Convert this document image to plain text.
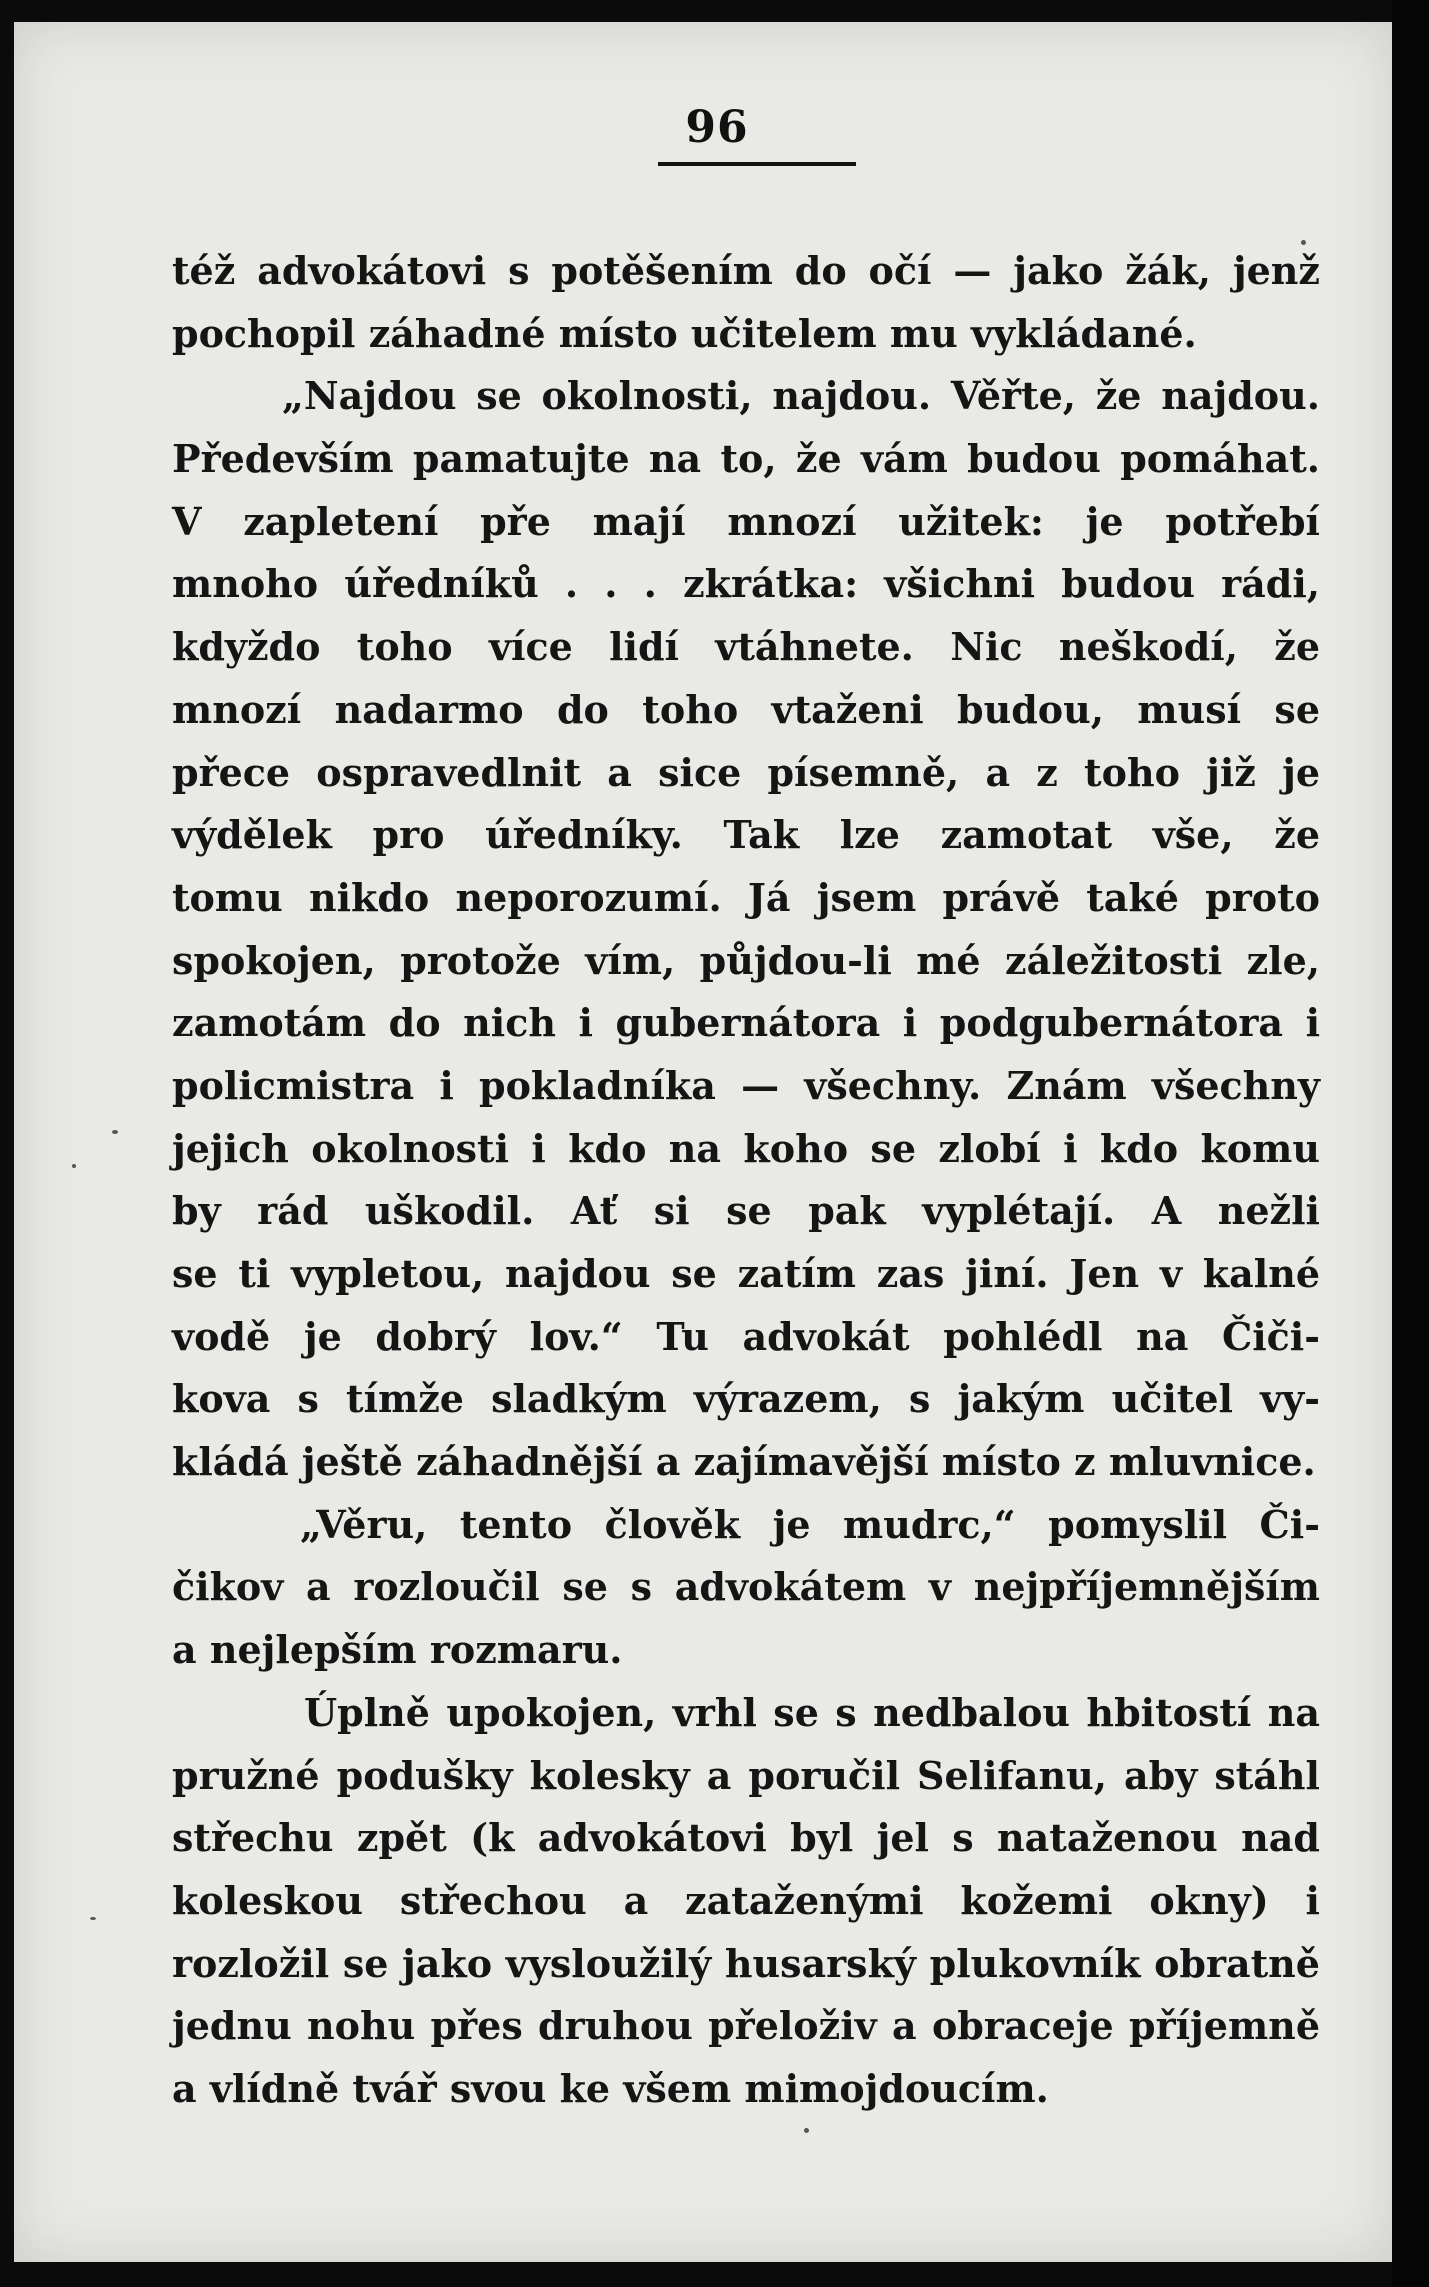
96
též advokátovi s potěšením do očí — jako žák, jenž
pochopil záhadné místo učitelem mu vykládané.
„Najdou se okolnosti, najdou. Věřte, že najdou.
Především pamatujte na to, že vám budou pomáhat.
V zapletení pře mají mnozí užitek: je potřebí
mnoho úředníků . . . zkrátka: všichni budou rádi,
kdyždo toho více lidí vtáhnete. Nic neškodí, že
mnozí nadarmo do toho vtaženi budou, musí se
přece ospravedlnit a sice písemně, a z toho již je
výdělek pro úředníky. Tak lze zamotat vše, že
tomu nikdo neporozumí. Já jsem právě také proto
spokojen, protože vím, půjdou-li mé záležitosti zle,
zamotám do nich i gubernátora i podgubernátora i
policmistra i pokladníka — všechny. Znám všechny
jejich okolnosti i kdo na koho se zlobí i kdo komu
by rád uškodil. Ať si se pak vyplétají. A nežli
se ti vypletou, najdou se zatím zas jiní. Jen v kalné
vodě je dobrý lov.“ Tu advokát pohlédl na Čiči-
kova s tímže sladkým výrazem, s jakým učitel vy-
kládá ještě záhadnější a zajímavější místo z mluvnice.
„Věru, tento člověk je mudrc,“ pomyslil Či-
čikov a rozloučil se s advokátem v nejpříjemnějším
a nejlepším rozmaru.
Úplně upokojen, vrhl se s nedbalou hbitostí na
pružné podušky kolesky a poručil Selifanu, aby stáhl
střechu zpět (k advokátovi byl jel s nataženou nad
koleskou střechou a zataženými kožemi okny) i
rozložil se jako vysloužilý husarský plukovník obratně
jednu nohu přes druhou přeloživ a obraceje příjemně
a vlídně tvář svou ke všem mimojdoucím.
